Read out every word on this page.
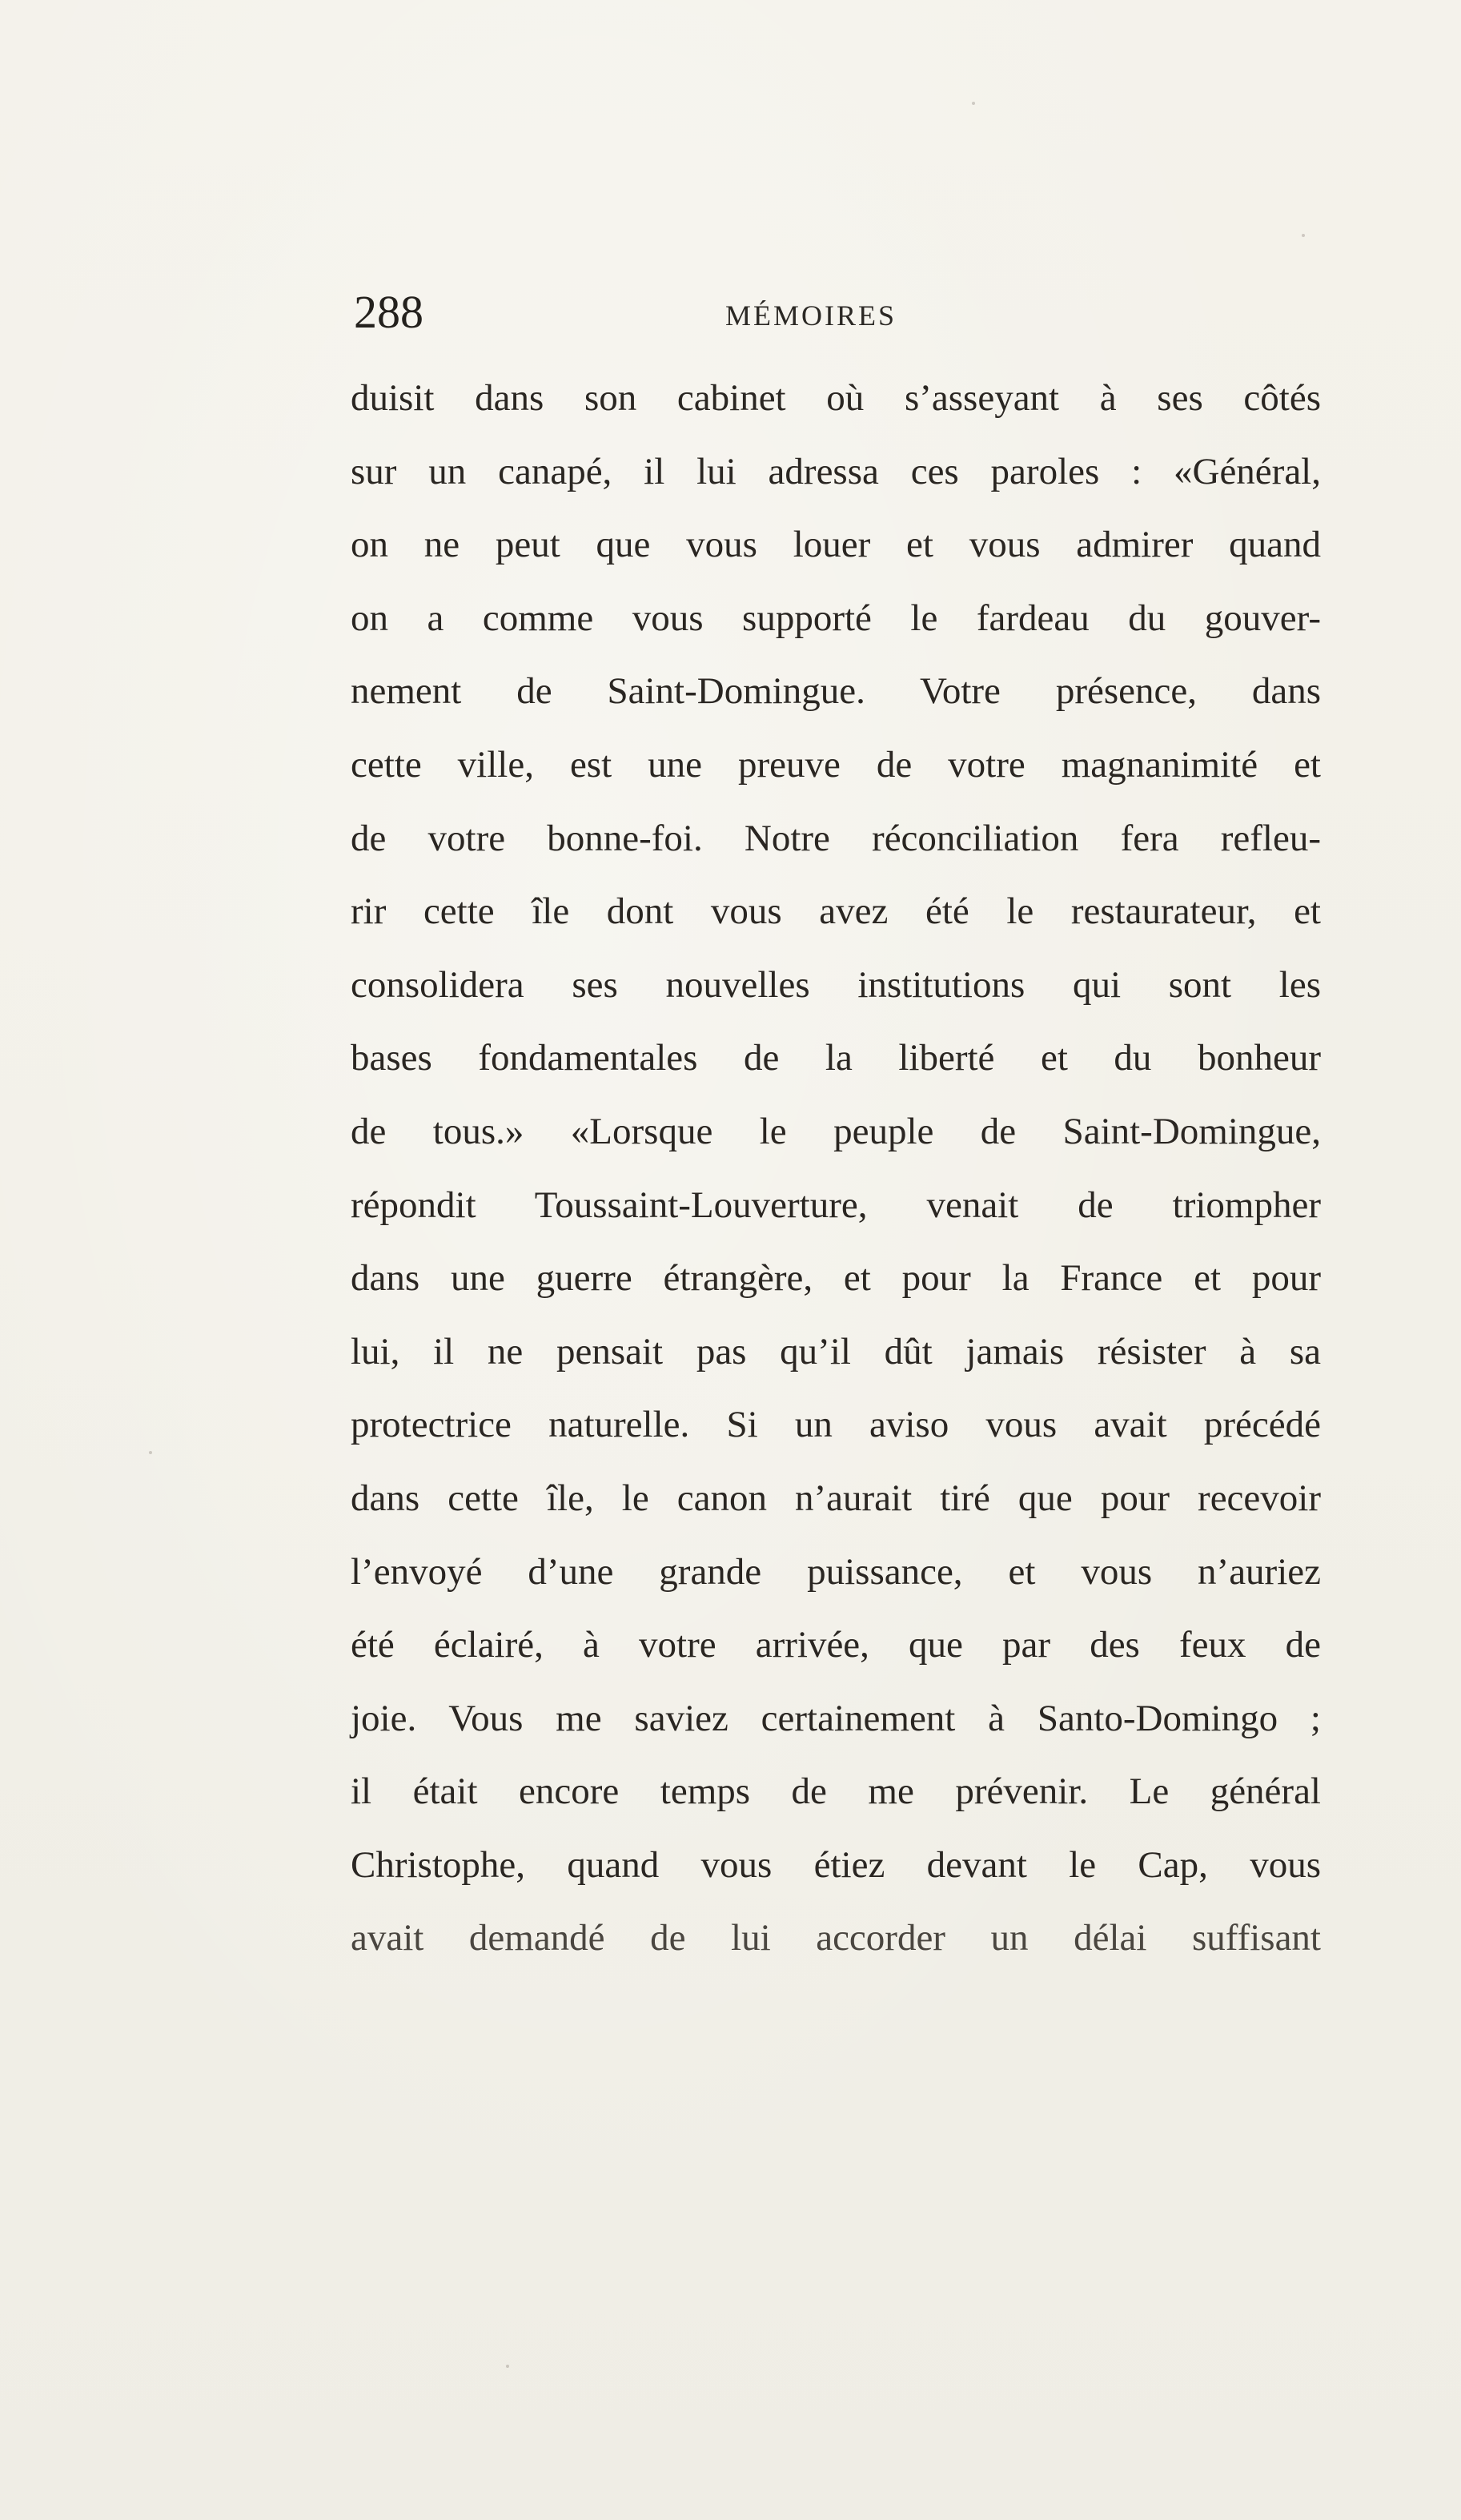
288	MÉMOIRES
duisit dans son cabinet où s’asseyant à ses côtés
sur un canapé, il lui adressa ces paroles : «Général,
on ne peut que vous louer et vous admirer quand
on a comme vous supporté le fardeau du gouver-
nement de Saint-Domingue. Votre présence, dans
cette ville, est une preuve de votre magnanimité et
de votre bonne-foi. Notre réconciliation fera refleu-
rir cette île dont vous avez été le restaurateur, et
consolidera ses nouvelles institutions qui sont les
bases fondamentales de la liberté et du bonheur
de tous.» «Lorsque le peuple de Saint-Domingue,
répondit Toussaint-Louverture, venait de triompher
dans une guerre étrangère, et pour la France et pour
lui, il ne pensait pas qu’il dût jamais résister à sa
protectrice naturelle. Si un aviso vous avait précédé
dans cette île, le canon n’aurait tiré que pour recevoir
l’envoyé d’une grande puissance, et vous n’auriez
été éclairé, à votre arrivée, que par des feux de
joie. Vous me saviez certainement à Santo-Domingo ;
il était encore temps de me prévenir. Le général
Christophe, quand vous étiez devant le Cap, vous
avait demandé de lui accorder un délai suffisant
